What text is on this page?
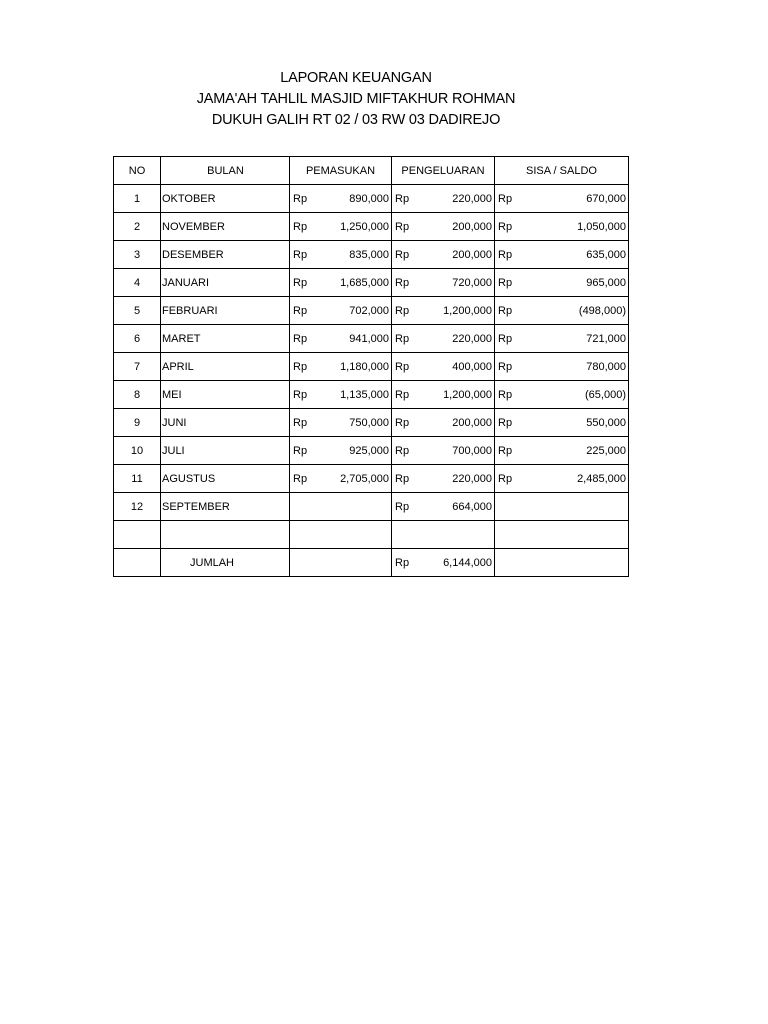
LAPORAN KEUANGAN
JAMA'AH TAHLIL MASJID MIFTAKHUR ROHMAN
DUKUH GALIH RT 02 / 03 RW 03 DADIREJO
NO	BULAN	PEMASUKAN	PENGELUARAN	SISA / SALDO
1	OKTOBER	Rp 890,000	Rp 220,000	Rp 670,000

2	NOVEMBER	Rp 1,250,000	Rp 200,000	Rp 1,050,000

3	DESEMBER	Rp 835,000	Rp 200,000	Rp 635,000

4	JANUARI	Rp 1,685,000	Rp 720,000	Rp 965,000

5	FEBRUARI	Rp 702,000	Rp 1,200,000	Rp (498,000)

6	MARET	Rp 941,000	Rp 220,000	Rp 721,000

7	APRIL	Rp 1,180,000	Rp 400,000	Rp 780,000

8	MEI	Rp 1,135,000	Rp 1,200,000	Rp (65,000)

9	JUNI	Rp 750,000	Rp 200,000	Rp 550,000

10	JULI	Rp 925,000	Rp 700,000	Rp 225,000

11	AGUSTUS	Rp 2,705,000	Rp 220,000	Rp 2,485,000

12	SEPTEMBER		Rp 664,000	

	JUMLAH		Rp 6,144,000	
